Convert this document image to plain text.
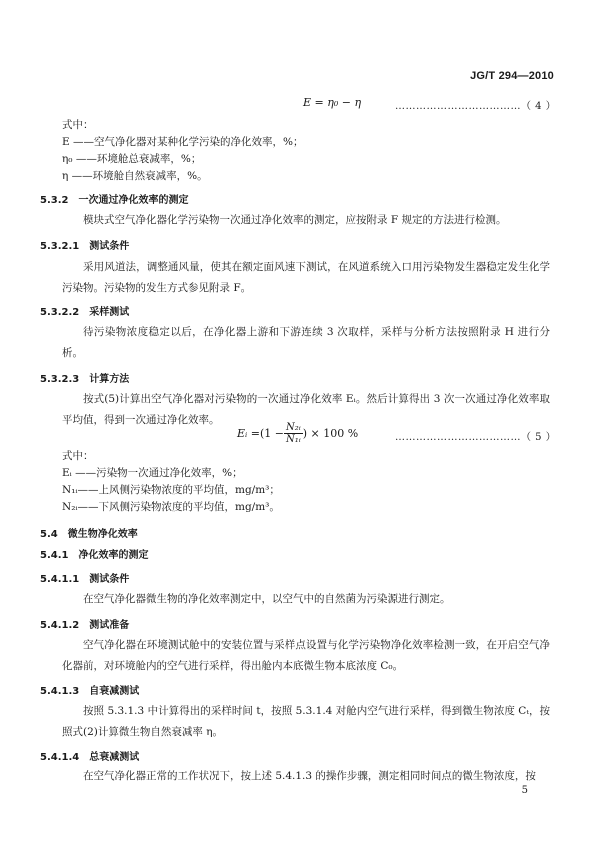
JG/T 294—2010
E = η₀ − η	………………………………（ 4 ）
式中：
E ——空气净化器对某种化学污染的净化效率，%；
η₀ ——环境舱总衰减率，%；
η ——环境舱自然衰减率，%。
5.3.2　一次通过净化效率的测定
模块式空气净化器化学污染物一次通过净化效率的测定，应按附录 F 规定的方法进行检测。
5.3.2.1　测试条件
采用风道法，调整通风量，使其在额定面风速下测试，在风道系统入口用污染物发生器稳定发生化学污染物。污染物的发生方式参见附录 F。
5.3.2.2　采样测试
待污染物浓度稳定以后，在净化器上游和下游连续 3 次取样，采样与分析方法按照附录 H 进行分析。
5.3.2.3　计算方法
按式(5)计算出空气净化器对污染物的一次通过净化效率 Eᵢ。然后计算得出 3 次一次通过净化效率取平均值，得到一次通过净化效率。
Eᵢ = ($1 - \frac{\text{N₂ᵢ}}{\text{N₁ᵢ}}$ ) × 100 %	………………………………（ 5 ）
式中：
Eᵢ ——污染物一次通过净化效率，%；
N₁ᵢ——上风侧污染物浓度的平均值，mg/m³；
N₂ᵢ——下风侧污染物浓度的平均值，mg/m³。
5.4　微生物净化效率
5.4.1　净化效率的测定
5.4.1.1　测试条件
在空气净化器微生物的净化效率测定中，以空气中的自然菌为污染源进行测定。
5.4.1.2　测试准备
空气净化器在环境测试舱中的安装位置与采样点设置与化学污染物净化效率检测一致，在开启空气净化器前，对环境舱内的空气进行采样，得出舱内本底微生物本底浓度 C₀。
5.4.1.3　自衰减测试
按照 5.3.1.3 中计算得出的采样时间 t，按照 5.3.1.4 对舱内空气进行采样，得到微生物浓度 Cₜ，按照式(2)计算微生物自然衰减率 η。
5.4.1.4　总衰减测试
在空气净化器正常的工作状况下，按上述 5.4.1.3 的操作步骤，测定相同时间点的微生物浓度，按
5
